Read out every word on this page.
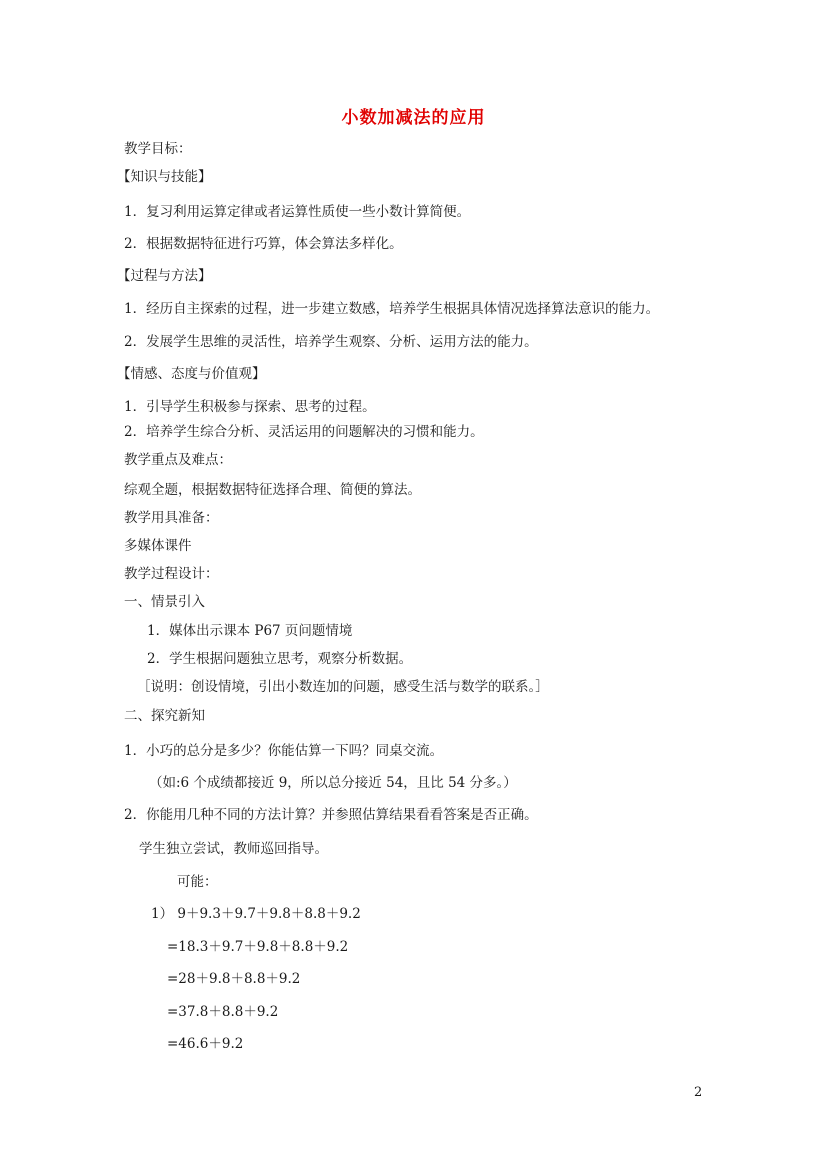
小数加减法的应用
教学目标：
【知识与技能】
1．复习利用运算定律或者运算性质使一些小数计算简便。
2．根据数据特征进行巧算，体会算法多样化。
【过程与方法】
1．经历自主探索的过程，进一步建立数感，培养学生根据具体情况选择算法意识的能力。
2．发展学生思维的灵活性，培养学生观察、分析、运用方法的能力。
【情感、态度与价值观】
1．引导学生积极参与探索、思考的过程。
2．培养学生综合分析、灵活运用的问题解决的习惯和能力。
教学重点及难点：
综观全题，根据数据特征选择合理、简便的算法。
教学用具准备：
多媒体课件
教学过程设计：
一、情景引入
1．媒体出示课本 P67 页问题情境
2．学生根据问题独立思考，观察分析数据。
［说明：创设情境，引出小数连加的问题，感受生活与数学的联系。］
二、探究新知
1．小巧的总分是多少？你能估算一下吗？同桌交流。
（如:6 个成绩都接近 9，所以总分接近 54，且比 54 分多。）
2．你能用几种不同的方法计算？并参照估算结果看看答案是否正确。
学生独立尝试，教师巡回指导。
可能：
1） 9＋9.3＋9.7＋9.8＋8.8＋9.2
=18.3＋9.7＋9.8＋8.8＋9.2
=28＋9.8＋8.8＋9.2
=37.8＋8.8＋9.2
=46.6＋9.2
2
